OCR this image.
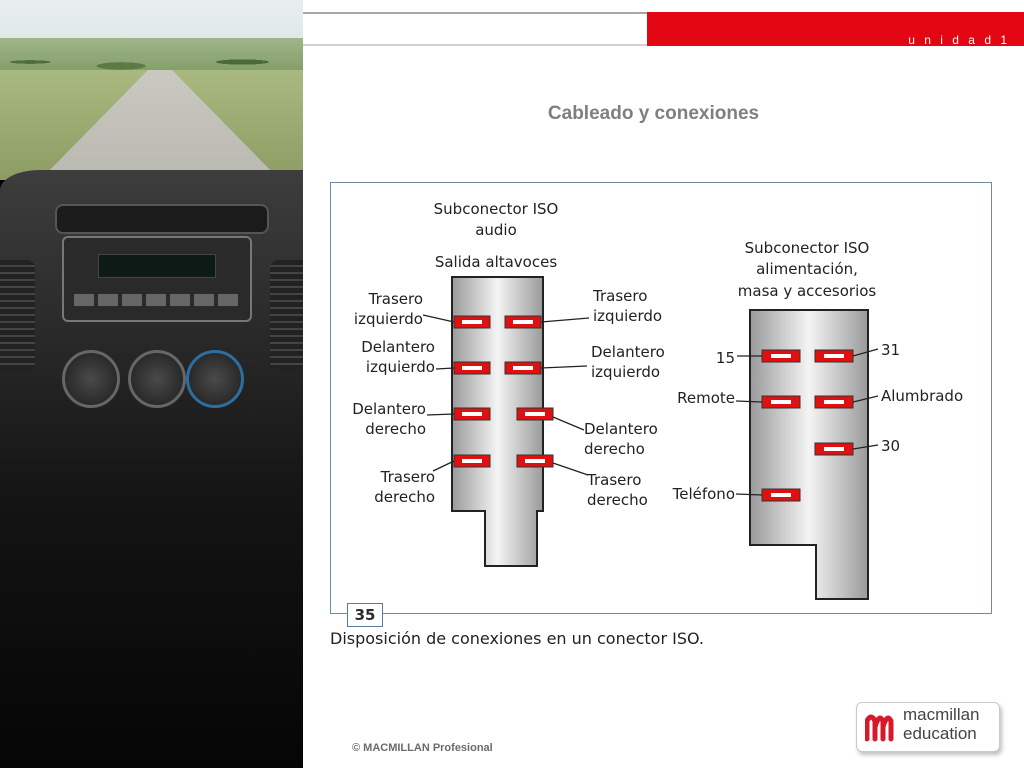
u n i d a d 1
Cableado y conexiones
Subconector ISO
audio
Salida altavoces
Trasero
izquierdo
Delantero
izquierdo
Delantero
derecho
Trasero
derecho
Trasero
izquierdo
Delantero
izquierdo
Delantero
derecho
Trasero
derecho
Subconector ISO
alimentación,
masa y accesorios
15
Remote
Teléfono
31
Alumbrado
30
35
Disposición de conexiones en un conector ISO.
© MACMILLAN Profesional
macmillan
education
